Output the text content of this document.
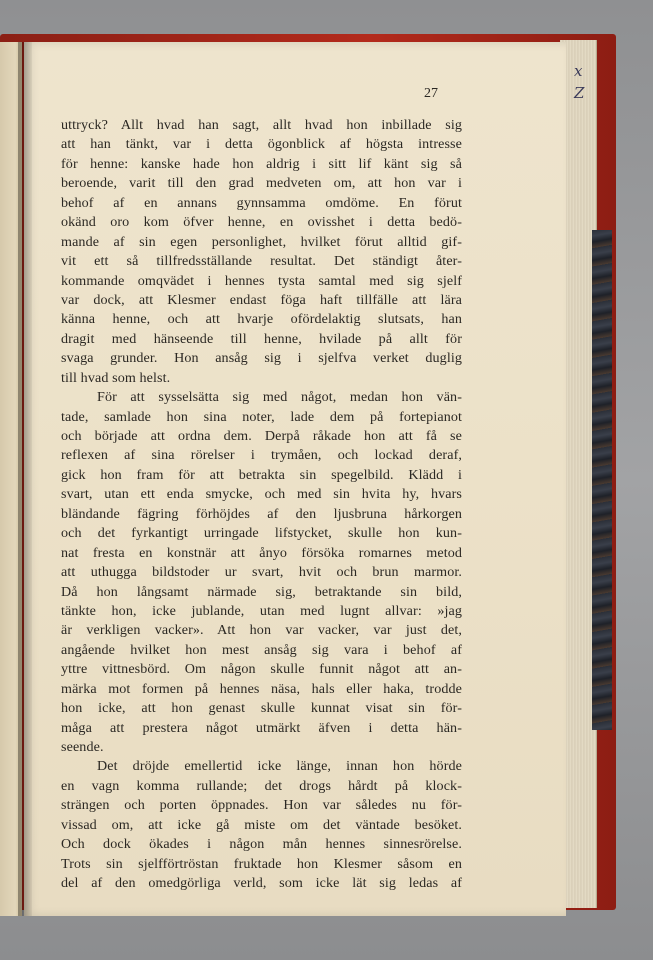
x
Z
27
uttryck? Allt hvad han sagt, allt hvad hon inbillade sig
att han tänkt, var i detta ögonblick af högsta intresse
för henne: kanske hade hon aldrig i sitt lif känt sig så
beroende, varit till den grad medveten om, att hon var i
behof af en annans gynnsamma omdöme. En förut
okänd oro kom öfver henne, en ovisshet i detta bedö-
mande af sin egen personlighet, hvilket förut alltid gif-
vit ett så tillfredsställande resultat. Det ständigt åter-
kommande omqvädet i hennes tysta samtal med sig sjelf
var dock, att Klesmer endast föga haft tillfälle att lära
känna henne, och att hvarje ofördelaktig slutsats, han
dragit med hänseende till henne, hvilade på allt för
svaga grunder. Hon ansåg sig i sjelfva verket duglig
till hvad som helst.
För att sysselsätta sig med något, medan hon vän-
tade, samlade hon sina noter, lade dem på fortepianot
och började att ordna dem. Derpå råkade hon att få se
reflexen af sina rörelser i trymåen, och lockad deraf,
gick hon fram för att betrakta sin spegelbild. Klädd i
svart, utan ett enda smycke, och med sin hvita hy, hvars
bländande fägring förhöjdes af den ljusbruna hårkorgen
och det fyrkantigt urringade lifstycket, skulle hon kun-
nat fresta en konstnär att ånyo försöka romarnes metod
att uthugga bildstoder ur svart, hvit och brun marmor.
Då hon långsamt närmade sig, betraktande sin bild,
tänkte hon, icke jublande, utan med lugnt allvar: »jag
är verkligen vacker». Att hon var vacker, var just det,
angående hvilket hon mest ansåg sig vara i behof af
yttre vittnesbörd. Om någon skulle funnit något att an-
märka mot formen på hennes näsa, hals eller haka, trodde
hon icke, att hon genast skulle kunnat visat sin för-
måga att prestera något utmärkt äfven i detta hän-
seende.
Det dröjde emellertid icke länge, innan hon hörde
en vagn komma rullande; det drogs hårdt på klock-
strängen och porten öppnades. Hon var således nu för-
vissad om, att icke gå miste om det väntade besöket.
Och dock ökades i någon mån hennes sinnesrörelse.
Trots sin sjelfförtröstan fruktade hon Klesmer såsom en
del af den omedgörliga verld, som icke lät sig ledas af
